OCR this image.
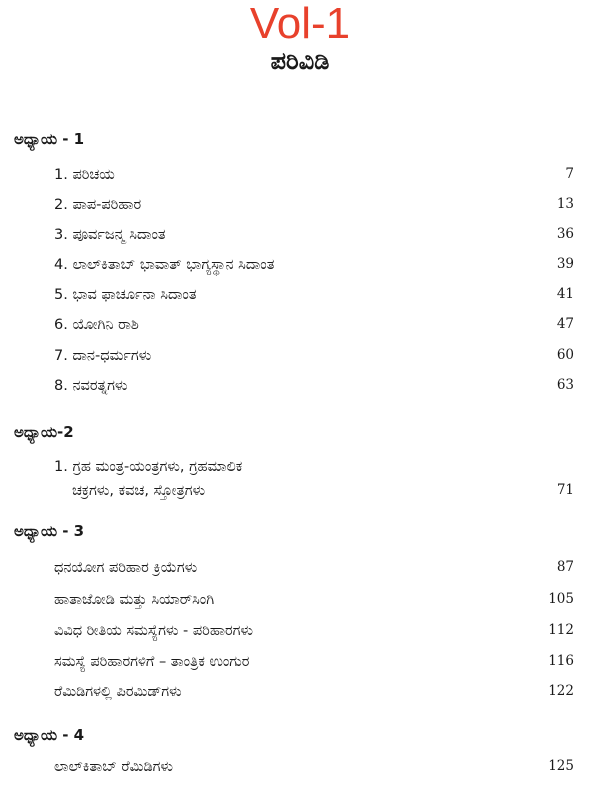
Vol-1
ಪರಿವಿಡಿ
ಅಧ್ಯಾಯ - 1
1. ಪರಿಚಯ	7
2. ಪಾಪ-ಪರಿಹಾರ	13
3. ಪೂರ್ವಜನ್ಮ ಸಿದಾಂತ	36
4. ಲಾಲ್‌ಕಿತಾಬ್ ಭಾವಾತ್ ಭಾಗ್ಯಸ್ಥಾನ ಸಿದಾಂತ	39
5. ಭಾವ ಫಾರ್ಚೂನಾ ಸಿದಾಂತ	41
6. ಯೋಗಿನಿ ರಾಶಿ	47
7. ದಾನ-ಧರ್ಮಗಳು	60
8. ನವರತ್ನಗಳು	63
ಅಧ್ಯಾಯ-2
1. ಗ್ರಹ ಮಂತ್ರ-ಯಂತ್ರಗಳು, ಗ್ರಹಮಾಲಿಕ
ಚಕ್ರಗಳು, ಕವಚ, ಸ್ತೋತ್ರಗಳು	71
ಅಧ್ಯಾಯ - 3
ಧನಯೋಗ ಪರಿಹಾರ ಕ್ರಿಯೆಗಳು	87
ಹಾತಾಜೋಡಿ ಮತ್ತು ಸಿಯಾರ್‌ಸಿಂಗಿ	105
ವಿವಿಧ ರೀತಿಯ ಸಮಸ್ಯೆಗಳು - ಪರಿಹಾರಗಳು	112
ಸಮಸ್ಯೆ ಪರಿಹಾರಗಳಿಗೆ – ತಾಂತ್ರಿಕ ಉಂಗುರ	116
ರೆಮಿಡಿಗಳಲ್ಲಿ ಪಿರಮಿಡ್‌ಗಳು	122
ಅಧ್ಯಾಯ - 4
ಲಾಲ್‌ಕಿತಾಬ್ ರೆಮಿಡಿಗಳು	125
